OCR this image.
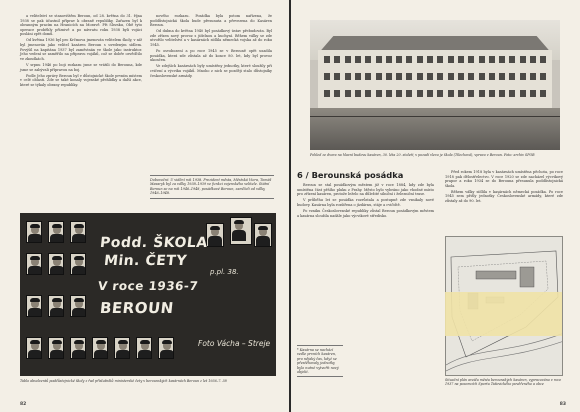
a velitelství se stanovištěm Beroun, od 28. května do 31. října 1938 se pak účastnil příprav k obraně republiky, Zařazen byl k obranným pracím na Hranicích na Moravě. Při Slezsku, Obě tyto operace proběhly příznivě a po návratu roku 1938 byli vojáci posláni zpět domů.

Od května 1936 byl pro Krčmova jmenován velitelem školy, v níž byl jmenován jako velitel kasáren Beroun s uvedeným sídlem. Povýšil na kapitána 1937 byl zaměstnán ve škole jako instruktor. Jeho vedení se zaměřilo na přípravu vojáků, což se dobře osvědčilo ve zkouškách.

V srpnu 1946 po boji rozkazu jsme se vrátili do Berouna, kde jsme se zabývali přípravou na boj.

Podle Jeho zprávy Beroun byl v důstojnické škole prvním místem v celé oblasti. Zde se také konaly vojenské přehlídky a další akce, které se týkaly obrany republiky.

nového rozkazu. Posádka byla potom nařízena, že poddůstojnická škola bude přesunuta a převezena do Kasáren Beroun.

Od dubna do května 1940 byl posádkový ústav přebudován. Byl zde zřízen nový provoz s jídelnou a kuchyní. Během války se zde utvořilo velitelství a v kasárnách sídlila německá vojska až do roku 1945.

Po osvobození a po roce 1945 se v Berouně opět usadila posádka, která zde zůstala až do konce 80. let, kdy byl provoz ukončen.

Ve zdejších kasárnách byly umístěny jednotky, které sloužily při cvičení a výcviku vojáků. Mnoho z nich se později stalo důstojníky československé armády.

Dobovoční: U vidění rok 1938. Prezident města, Městská Viera, Tomáš Masaryk byl za války 1938–1939 ve funkci vojenského velitele. Státní Beroun se na rok 1946–1948, posádkové Beroun, zamlčeli od války 1946–1948.
Podd. ŠKOLA
Min. ČETY
p.pl. 38.
V roce 1936-7
BEROUN
Foto Vácha – Streje
Tablo absolventů poddůstojnické školy z řad příslušníků ministerské čety v berounských kasárnách Beroun z let 1936–7. 38
82
Pohled ze dvora na hlavní budovu kasáren, 30. léta 20. století; v pozadí vlevo je škola (Tilechová), vpravo v Beroun. Foto: archiv SPOB

Beroun se stal posádkovým městem již v roce 1884, kdy zde byla umístěna část pěšího pluku z Prahy. Město bylo vybráno jako vhodné místo pro zřízení kasáren, protože leželo na důležité silniční i železniční trase.

V průběhu let se posádka rozrůstala a postupně zde vznikaly nové budovy. Kasárna byla rozšířena o jízdárnu, stáje a cvičiště.

Po vzniku Československé republiky zůstal Beroun posádkovým městem a kasárna sloužila nadále jako výcvikové středisko.

Před rokem 1918 byla v kasárnách umístěna pěchota, po roce 1918 pak dělostřelectvo. V roce 1920 se zde nacházel výcvikový prapor a roku 1934 se do Berouna přesunula poddůstojnická škola.

Během války sídlila v kasárnách německá posádka. Po roce 1945 sem přišly jednotky Československé armády, které zde zůstaly až do 90. let.

* Kasárna se nachází vedle prvních kasáren, pro nějaký čas, když se přestěhovaly jednotky bylo nutné vytvořit nový objekt.
Situační plán areálu města berounských kasáren, vypracováno v roce 1937 na pozemcích Sportu Tašovického pověřeného a obce
83
6 / Berounská posádka
